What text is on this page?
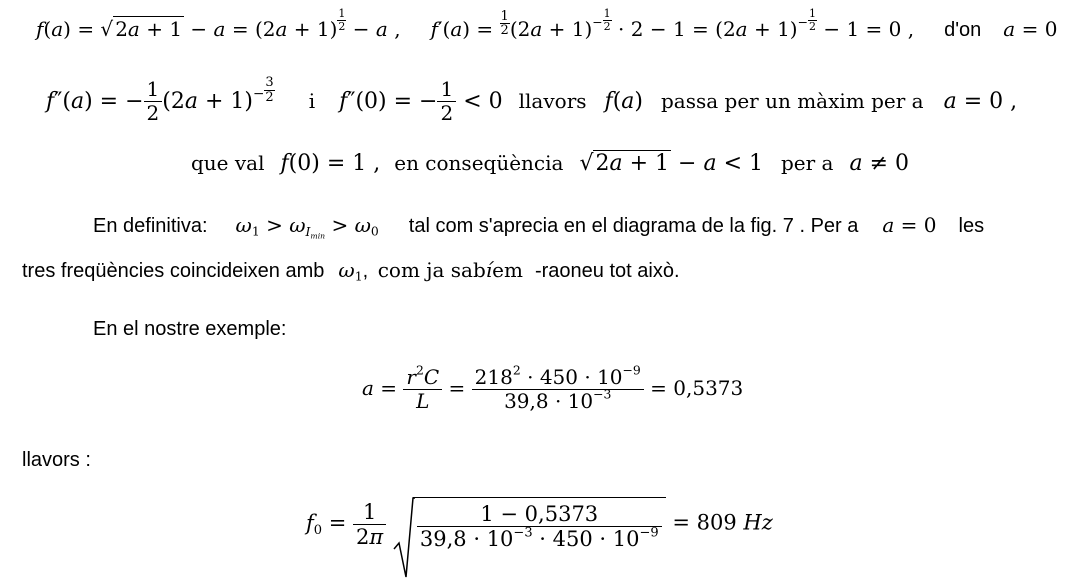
f(a) = √ $2a + 1 - a = (2a + 1) \frac{1}{2} - a$ , $f'(a) = \frac{1}{2} (2a + 1)^- \frac{1}{2} \cdot 2 - 1 = (2a + 1)^- \frac{1}{2} - 1 = 0$ , d'on a = 0
f″(a) = − $\frac{1}{2} (2a + 1)^- \frac{3}{2}$ i f″(0) = − $\frac{1}{2} < 0$ llavors f(a) passa per un màxim per a a = 0 ,
que val f(0) = 1 , en conseqüència √2a + 1 − a < 1 per a a ≠ 0
En definitiva: $\omega_1 > \omega_{I_{min}} > \omega_0$ tal com s'aprecia en el diagrama de la fig. 7 . Per a a = 0 les
tres freqüències coincideixen amb $\omega_1$, com ja sabíem -raoneu tot això.
En el nostre exemple:
$a = \frac{r^2C}{L} = \frac{218^2 \cdot 450 \cdot 10^{-9}}{39,8 \cdot 10^{-3}} = 0,5373$
llavors :
$f_0 = \frac{1}{2\pi}$
$\frac{1 - 0,5373}{39,8 \cdot 10^{-3} \cdot 450 \cdot 10^{-9}} = 809$ Hz
